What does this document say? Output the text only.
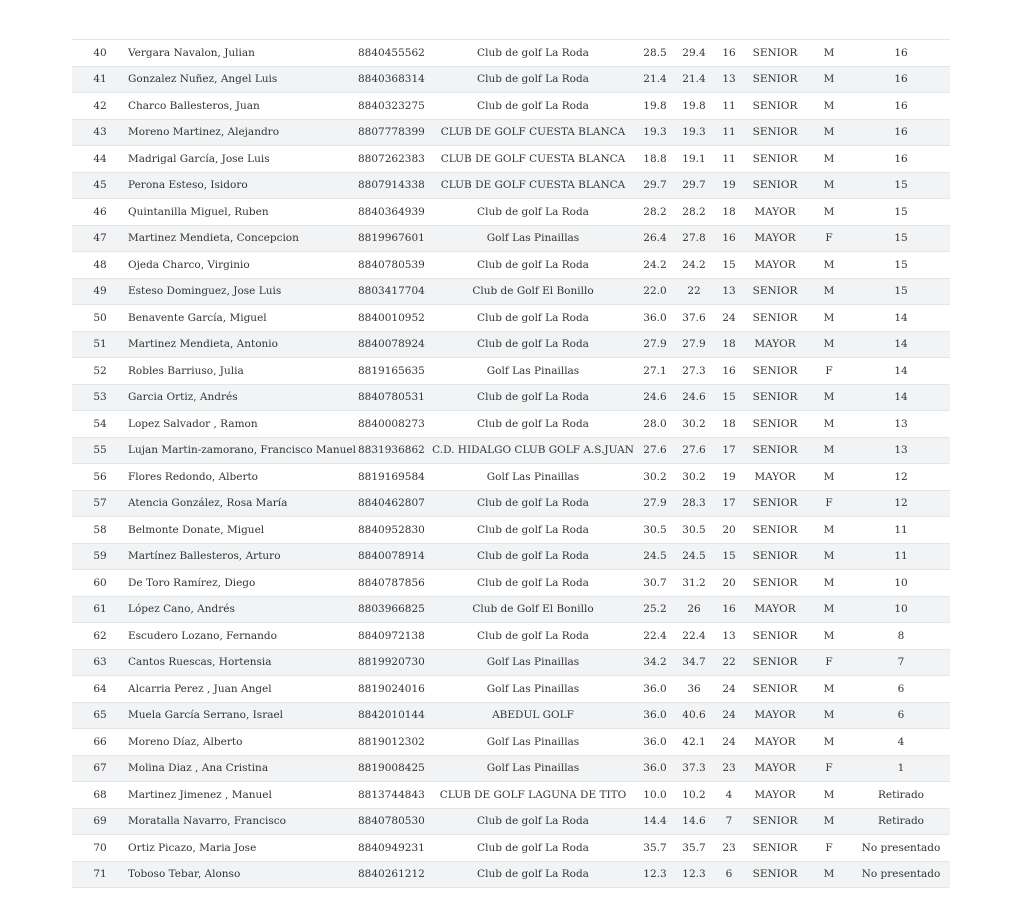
40	Vergara Navalon, Julian	8840455562	Club de golf La Roda	28.5	29.4	16	SENIOR	M	16
41	Gonzalez Nuñez, Angel Luis	8840368314	Club de golf La Roda	21.4	21.4	13	SENIOR	M	16
42	Charco Ballesteros, Juan	8840323275	Club de golf La Roda	19.8	19.8	11	SENIOR	M	16
43	Moreno Martinez, Alejandro	8807778399	CLUB DE GOLF CUESTA BLANCA	19.3	19.3	11	SENIOR	M	16
44	Madrigal García, Jose Luis	8807262383	CLUB DE GOLF CUESTA BLANCA	18.8	19.1	11	SENIOR	M	16
45	Perona Esteso, Isidoro	8807914338	CLUB DE GOLF CUESTA BLANCA	29.7	29.7	19	SENIOR	M	15
46	Quintanilla Miguel, Ruben	8840364939	Club de golf La Roda	28.2	28.2	18	MAYOR	M	15
47	Martinez Mendieta, Concepcion	8819967601	Golf Las Pinaillas	26.4	27.8	16	MAYOR	F	15
48	Ojeda Charco, Virginio	8840780539	Club de golf La Roda	24.2	24.2	15	MAYOR	M	15
49	Esteso Dominguez, Jose Luis	8803417704	Club de Golf El Bonillo	22.0	22	13	SENIOR	M	15
50	Benavente García, Miguel	8840010952	Club de golf La Roda	36.0	37.6	24	SENIOR	M	14
51	Martinez Mendieta, Antonio	8840078924	Club de golf La Roda	27.9	27.9	18	MAYOR	M	14
52	Robles Barriuso, Julia	8819165635	Golf Las Pinaillas	27.1	27.3	16	SENIOR	F	14
53	Garcia Ortiz, Andrés	8840780531	Club de golf La Roda	24.6	24.6	15	SENIOR	M	14
54	Lopez Salvador , Ramon	8840008273	Club de golf La Roda	28.0	30.2	18	SENIOR	M	13
55	Lujan Martin-zamorano, Francisco Manuel	8831936862	C.D. HIDALGO CLUB GOLF A.S.JUAN	27.6	27.6	17	SENIOR	M	13
56	Flores Redondo, Alberto	8819169584	Golf Las Pinaillas	30.2	30.2	19	MAYOR	M	12
57	Atencia González, Rosa María	8840462807	Club de golf La Roda	27.9	28.3	17	SENIOR	F	12
58	Belmonte Donate, Miguel	8840952830	Club de golf La Roda	30.5	30.5	20	SENIOR	M	11
59	Martínez Ballesteros, Arturo	8840078914	Club de golf La Roda	24.5	24.5	15	SENIOR	M	11
60	De Toro Ramírez, Diego	8840787856	Club de golf La Roda	30.7	31.2	20	SENIOR	M	10
61	López Cano, Andrés	8803966825	Club de Golf El Bonillo	25.2	26	16	MAYOR	M	10
62	Escudero Lozano, Fernando	8840972138	Club de golf La Roda	22.4	22.4	13	SENIOR	M	8
63	Cantos Ruescas, Hortensia	8819920730	Golf Las Pinaillas	34.2	34.7	22	SENIOR	F	7
64	Alcarria Perez , Juan Angel	8819024016	Golf Las Pinaillas	36.0	36	24	SENIOR	M	6
65	Muela García Serrano, Israel	8842010144	ABEDUL GOLF	36.0	40.6	24	MAYOR	M	6
66	Moreno Díaz, Alberto	8819012302	Golf Las Pinaillas	36.0	42.1	24	MAYOR	M	4
67	Molina Diaz , Ana Cristina	8819008425	Golf Las Pinaillas	36.0	37.3	23	MAYOR	F	1
68	Martinez Jimenez , Manuel	8813744843	CLUB DE GOLF LAGUNA DE TITO	10.0	10.2	4	MAYOR	M	Retirado
69	Moratalla Navarro, Francisco	8840780530	Club de golf La Roda	14.4	14.6	7	SENIOR	M	Retirado
70	Ortiz Picazo, Maria Jose	8840949231	Club de golf La Roda	35.7	35.7	23	SENIOR	F	No presentado
71	Toboso Tebar, Alonso	8840261212	Club de golf La Roda	12.3	12.3	6	SENIOR	M	No presentado
